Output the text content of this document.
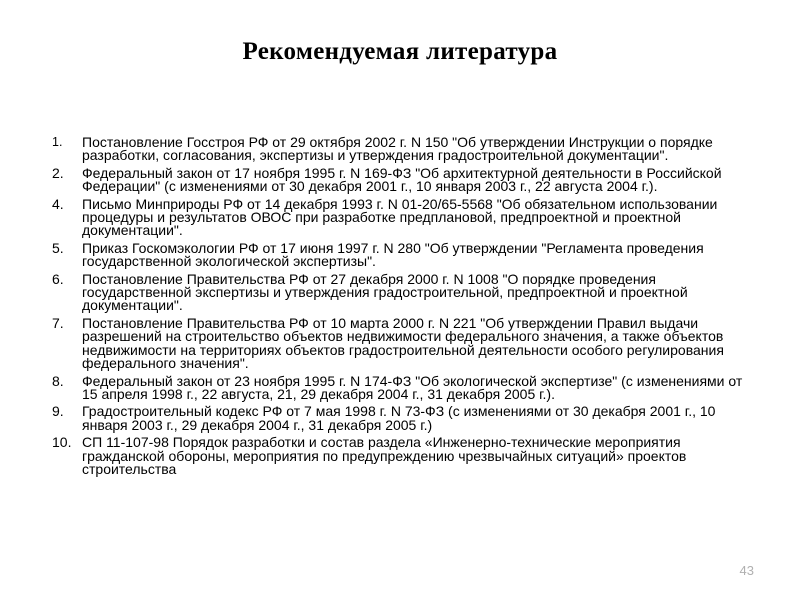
Рекомендуемая литература
1. Постановление Госстроя РФ от 29 октября 2002 г. N 150 "Об утверждении Инструкции о порядке разработки, согласования, экспертизы и утверждения градостроительной документации".
2. Федеральный закон от 17 ноября 1995 г. N 169-ФЗ "Об архитектурной деятельности в Российской Федерации" (с изменениями от 30 декабря 2001 г., 10 января 2003 г., 22 августа 2004 г.).
4. Письмо Минприроды РФ от 14 декабря 1993 г. N 01-20/65-5568 "Об обязательном использовании процедуры и результатов ОВОС при разработке предплановой, предпроектной и проектной документации".
5. Приказ Госкомэкологии РФ от 17 июня 1997 г. N 280 "Об утверждении "Регламента проведения государственной экологической экспертизы".
6. Постановление Правительства РФ от 27 декабря 2000 г. N 1008 "О порядке проведения государственной экспертизы и утверждения градостроительной, предпроектной и проектной документации".
7. Постановление Правительства РФ от 10 марта 2000 г. N 221 "Об утверждении Правил выдачи разрешений на строительство объектов недвижимости федерального значения, а также объектов недвижимости на территориях объектов градостроительной деятельности особого регулирования федерального значения".
8. Федеральный закон от 23 ноября 1995 г. N 174-ФЗ "Об экологической экспертизе" (с изменениями от 15 апреля 1998 г., 22 августа, 21, 29 декабря 2004 г., 31 декабря 2005 г.).
9. Градостроительный кодекс РФ от 7 мая 1998 г. N 73-ФЗ (с изменениями от 30 декабря 2001 г., 10 января 2003 г., 29 декабря 2004 г., 31 декабря 2005 г.)
10. СП 11-107-98 Порядок разработки и состав раздела «Инженерно-технические мероприятия гражданской обороны, мероприятия по предупреждению чрезвычайных ситуаций» проектов строительства
43
